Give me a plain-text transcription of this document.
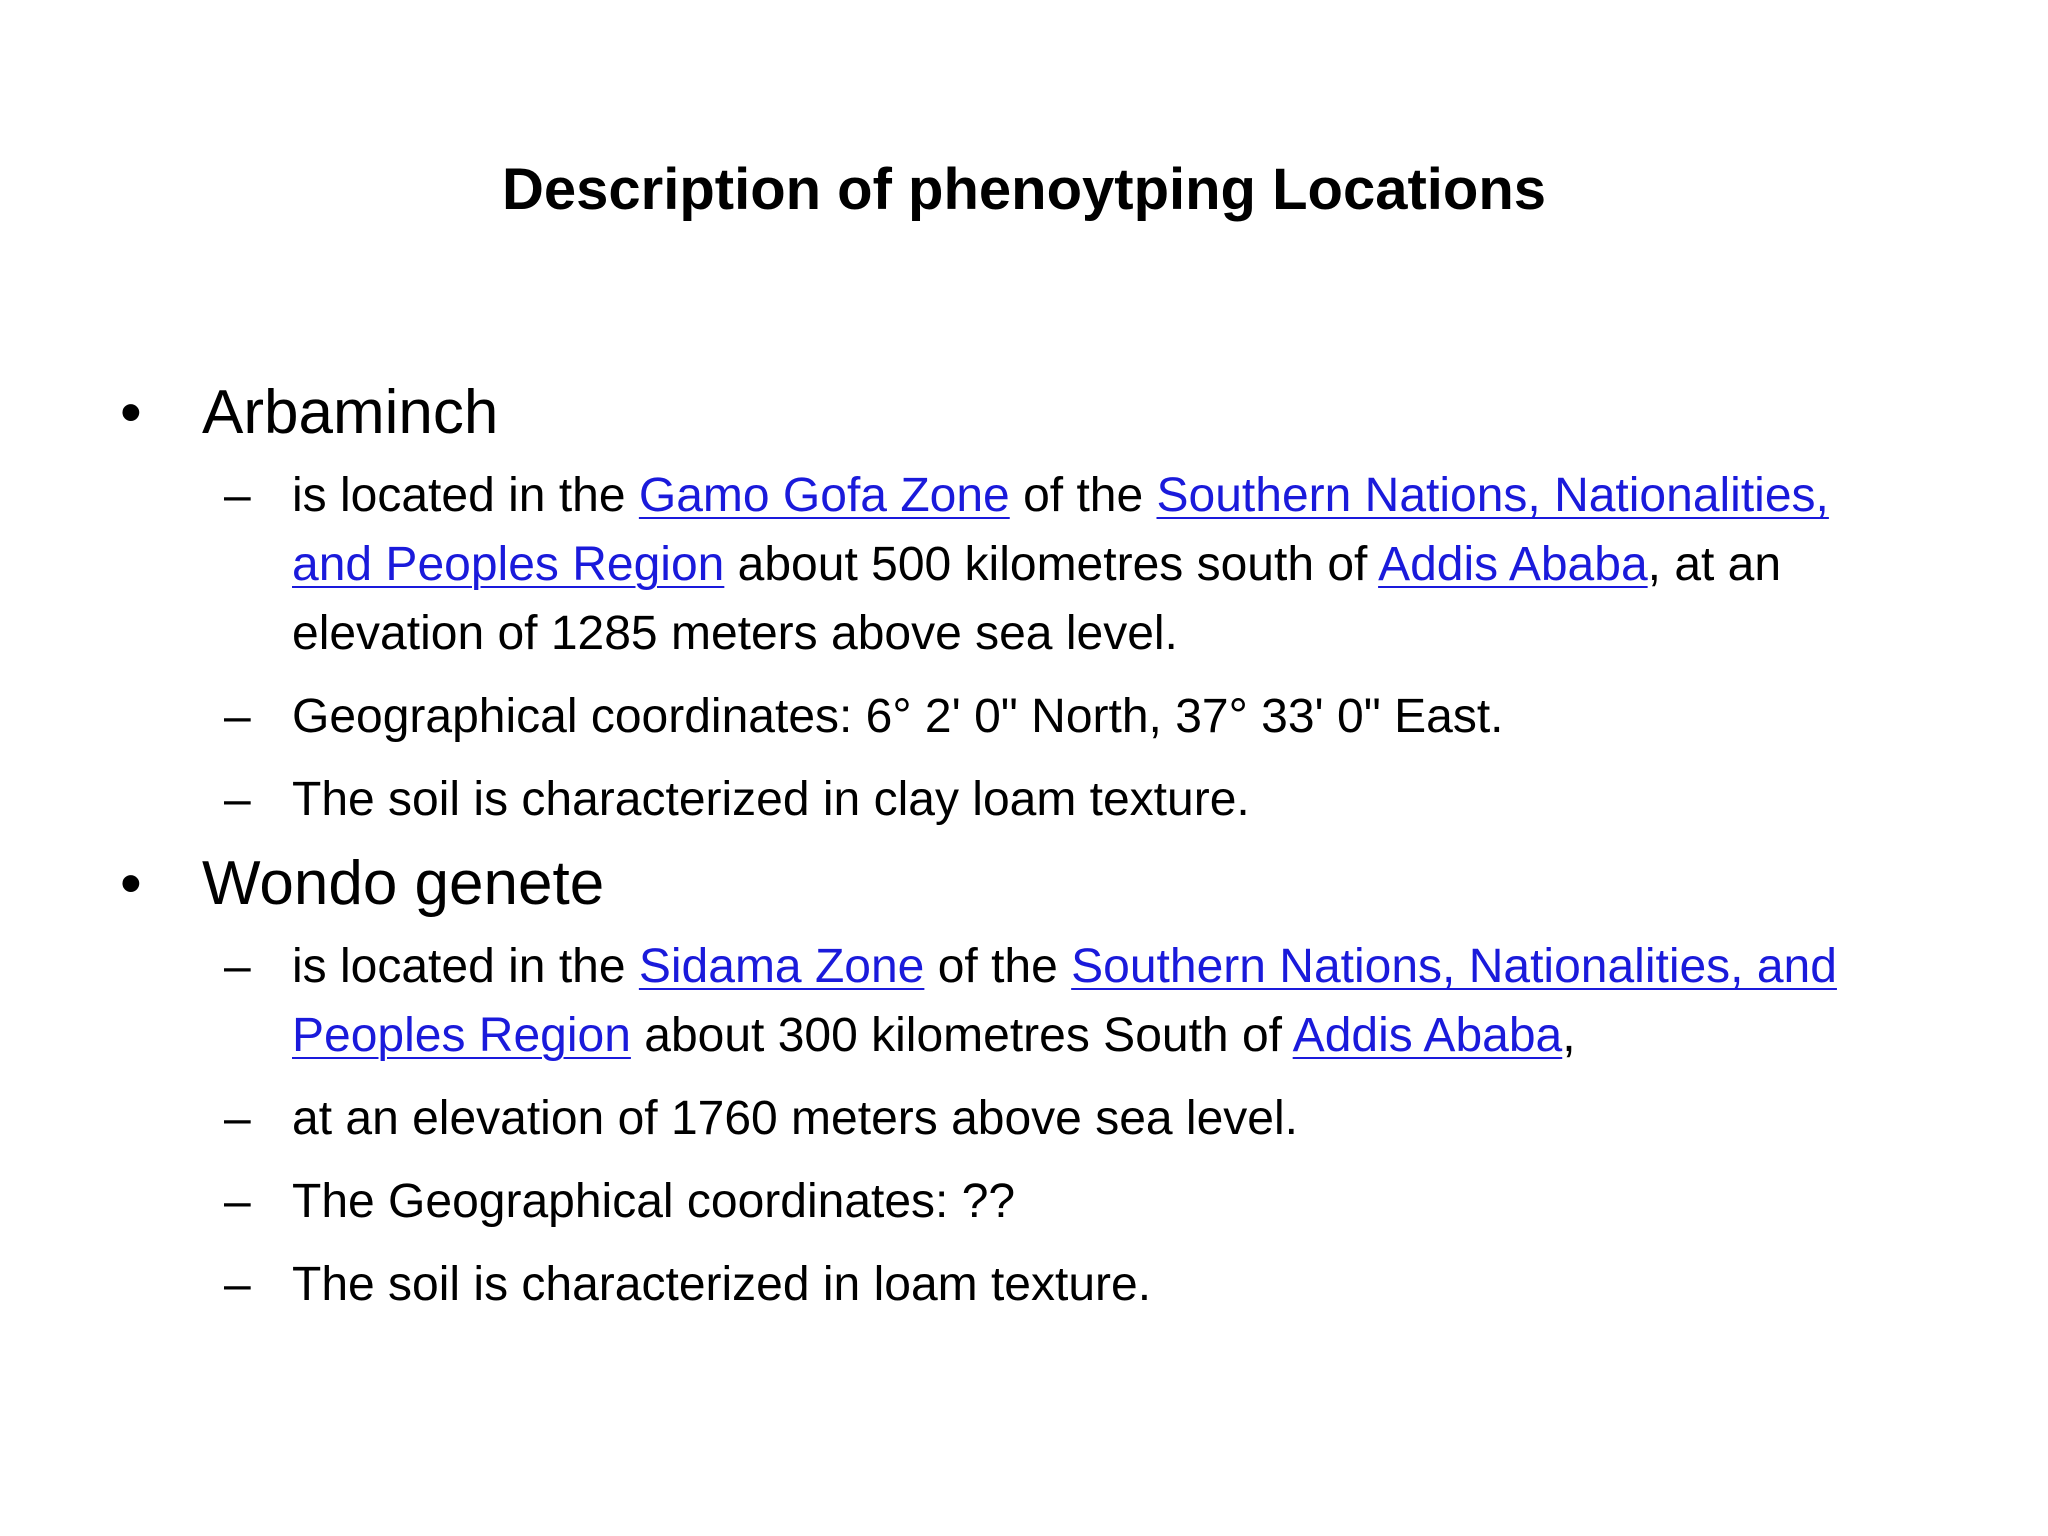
Description of phenoytping Locations
• Arbaminch
– is located in the Gamo Gofa Zone of the Southern Nations, Nationalities, and Peoples Region about 500 kilometres south of Addis Ababa, at an elevation of 1285 meters above sea level.
– Geographical coordinates: 6° 2' 0" North, 37° 33' 0" East.
– The soil is characterized in clay loam texture.
• Wondo genete
– is located in the Sidama Zone of the Southern Nations, Nationalities, and Peoples Region about 300 kilometres South of Addis Ababa,
– at an elevation of 1760 meters above sea level.
– The Geographical coordinates: ??
– The soil is characterized in loam texture.
